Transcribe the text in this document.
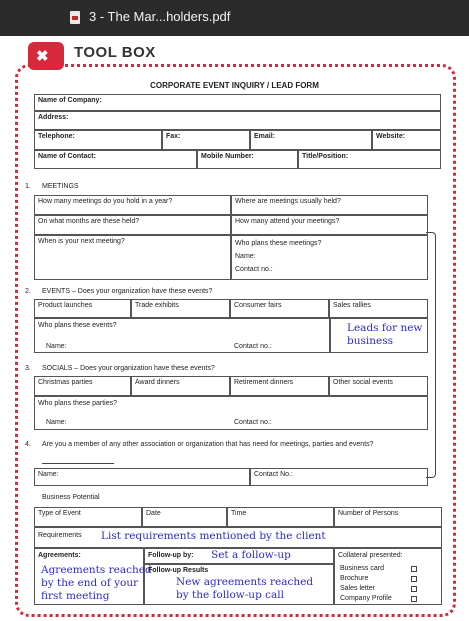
3 - The Mar...holders.pdf
✖ TOOL BOX
CORPORATE EVENT INQUIRY / LEAD FORM
Name of Company:
Address:
Telephone:	Fax:	Email:	Website:
Name of Contact:	Mobile Number:	Title/Position:
1. MEETINGS
How many meetings do you hold in a year?	Where are meetings usually held?
On what months are these held?	How many attend your meetings?
When is your next meeting?	Who plans these meetings?
Name:
Contact no.:
2. EVENTS – Does your organization have these events?
Product launches	Trade exhibits	Consumer fairs	Sales rallies
Who plans these events?
Name:	Contact no.:
Leads for new
business
3. SOCIALS – Does your organization have these events?
Christmas parties	Award dinners	Retirement dinners	Other social events
Who plans these parties?
Name:	Contact no.:
4. Are you a member of any other association or organization that has need for meetings, parties and events?
Name:	Contact No.:
Business Potential
Type of Event	Date	Time	Number of Persons
Requirements List requirements mentioned by the client
Agreements:
Agreements reached
by the end of your
first meeting
Follow-up by: Set a follow-up
Follow-up Results
New agreements reached
by the follow-up call
Collateral presented:
Business card
Brochure
Sales letter
Company Profile
